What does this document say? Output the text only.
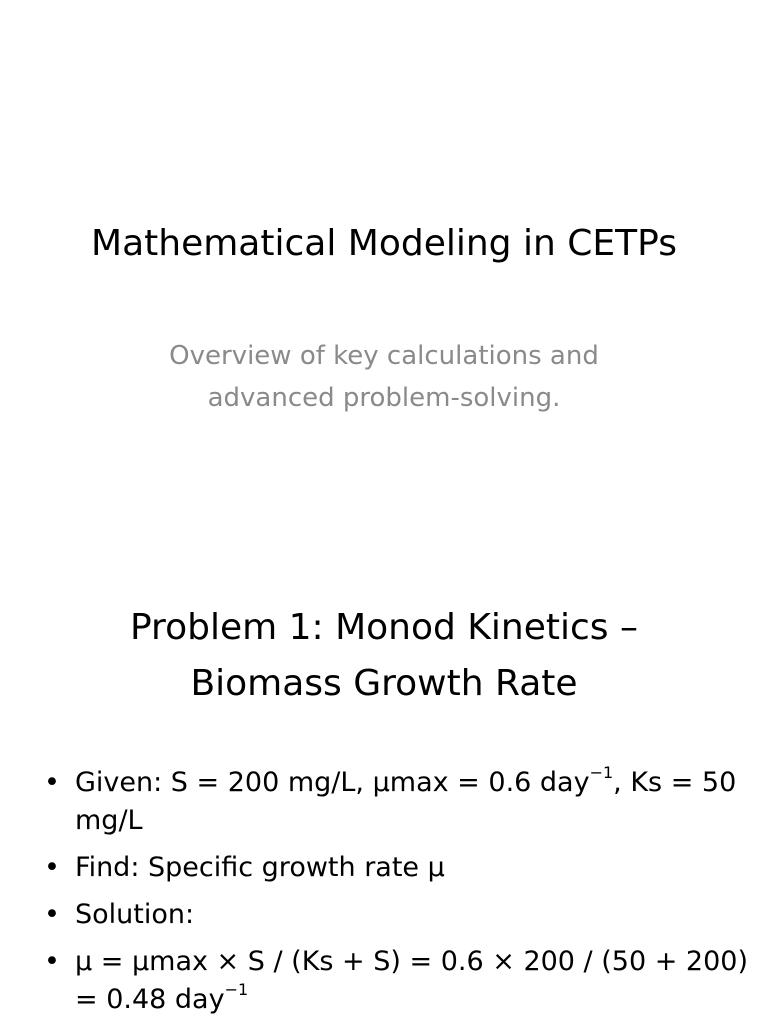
Mathematical Modeling in CETPs
Overview of key calculations and
advanced problem-solving.
Problem 1: Monod Kinetics –
Biomass Growth Rate
• Given: S = 200 mg/L, µmax = 0.6 day$^{-1}$, Ks = 50
mg/L
• Find: Specific growth rate µ
• Solution:
• µ = µmax × S / (Ks + S) = 0.6 × 200 / (50 + 200)
= 0.48 day$^{-1}$
